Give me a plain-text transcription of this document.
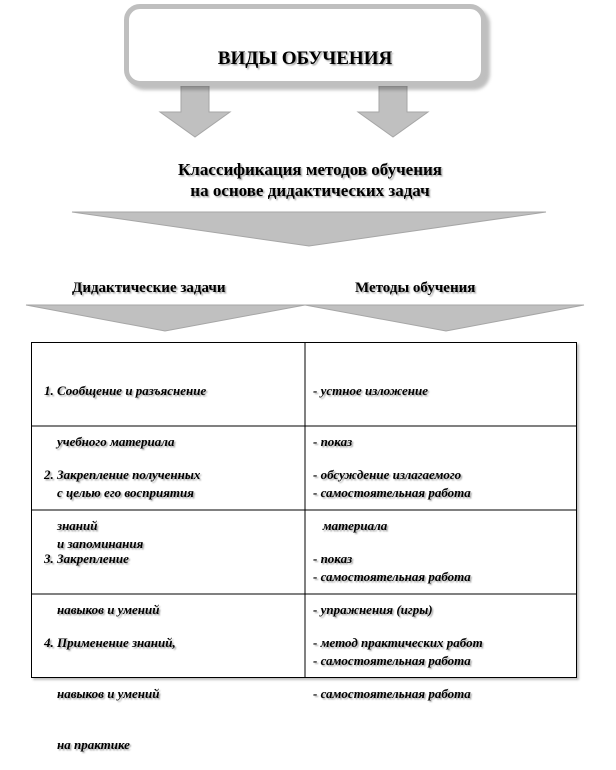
ВИДЫ ОБУЧЕНИЯ
Классификация методов обучения
на основе дидактических задач
Дидактические задачи	Методы обучения

1. Сообщение и разъяснение

учебного материала

с целью его восприятия

и запоминания

- устное изложение

- показ

- самостоятельная работа

2. Закрепление полученных

знаний

- обсуждение излагаемого

материала

- самостоятельная работа

3. Закрепление

навыков и умений

- показ

- упражнения (игры)

- самостоятельная работа

4. Применение знаний,

навыков и умений

на практике

- метод практических работ

- самостоятельная работа
